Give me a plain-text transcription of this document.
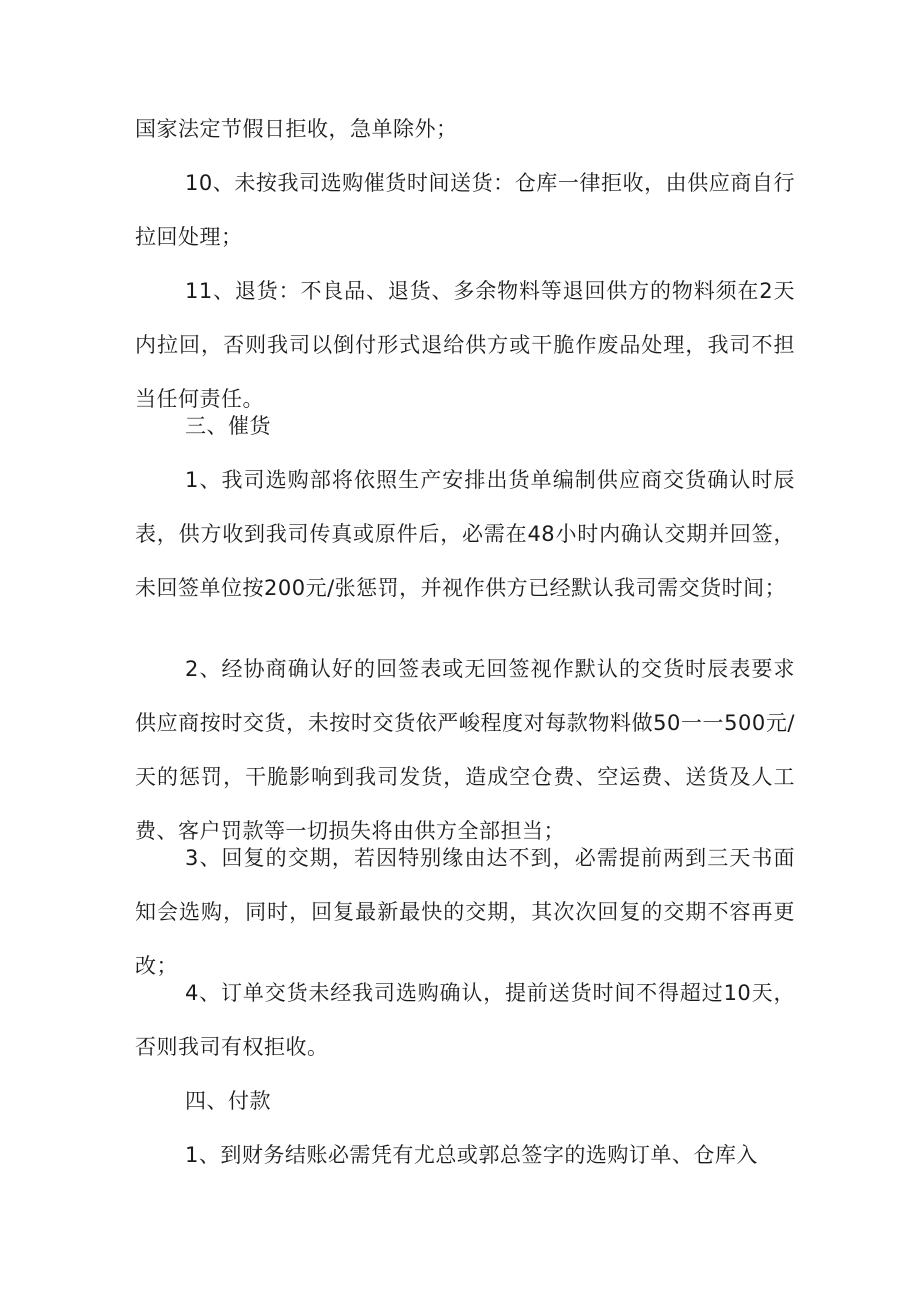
国家法定节假日拒收，急单除外；

10、未按我司选购催货时间送货：仓库一律拒收，由供应商自行拉回处理；

11、退货：不良品、退货、多余物料等退回供方的物料须在2天内拉回，否则我司以倒付形式退给供方或干脆作废品处理，我司不担当任何责任。

三、催货

1、我司选购部将依照生产安排出货单编制供应商交货确认时辰表，供方收到我司传真或原件后，必需在48小时内确认交期并回签，未回签单位按200元/张惩罚，并视作供方已经默认我司需交货时间；

2、经协商确认好的回签表或无回签视作默认的交货时辰表要求供应商按时交货，未按时交货依严峻程度对每款物料做50一一500元/天的惩罚，干脆影响到我司发货，造成空仓费、空运费、送货及人工费、客户罚款等一切损失将由供方全部担当；

3、回复的交期，若因特别缘由达不到，必需提前两到三天书面知会选购，同时，回复最新最快的交期，其次次回复的交期不容再更改；

4、订单交货未经我司选购确认，提前送货时间不得超过10天，否则我司有权拒收。

四、付款

1、到财务结账必需凭有尤总或郭总签字的选购订单、仓库入
